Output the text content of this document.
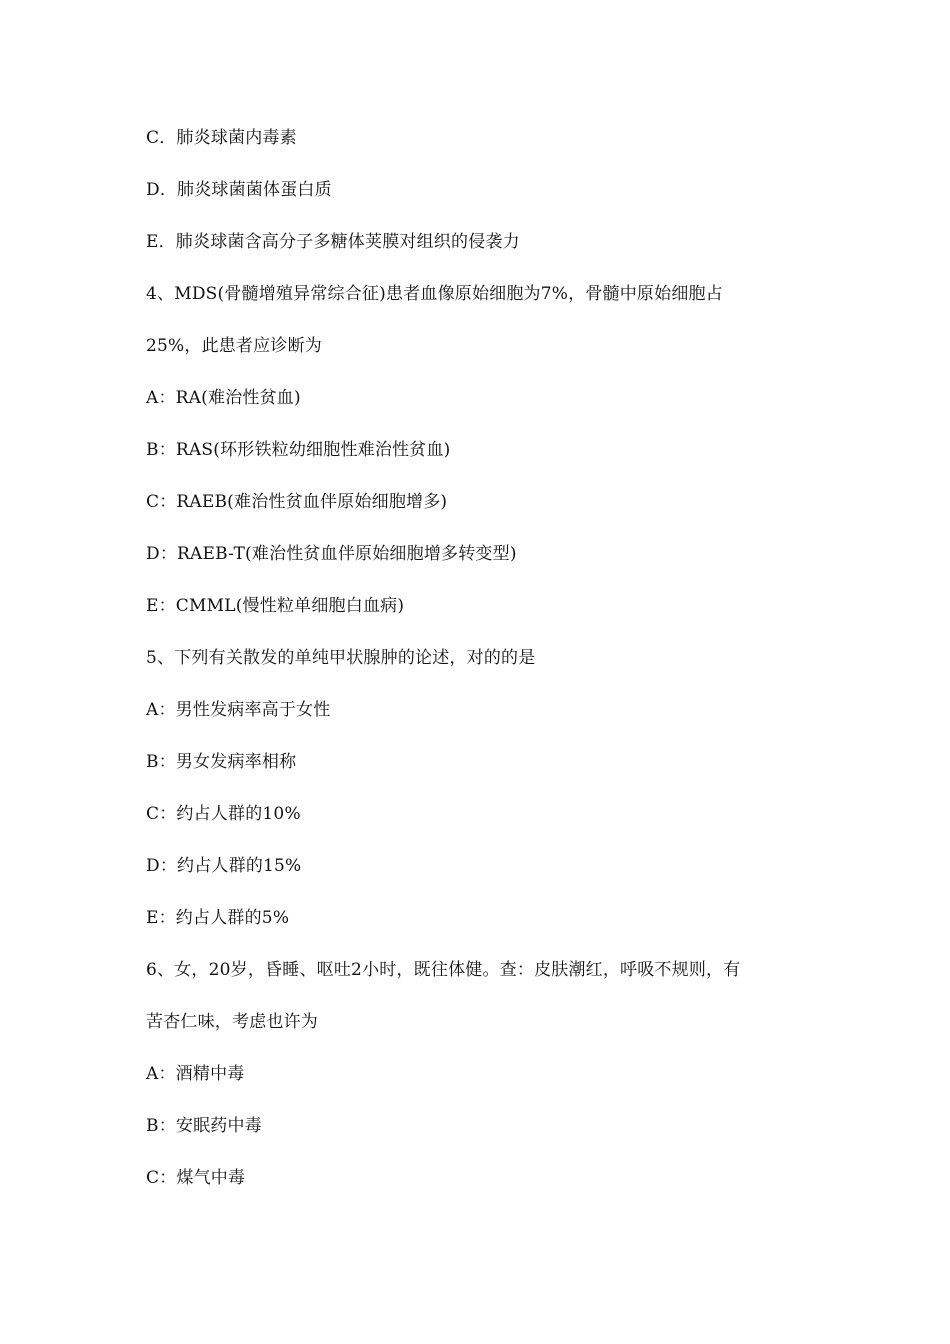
C．肺炎球菌内毒素
D．肺炎球菌菌体蛋白质
E．肺炎球菌含高分子多糖体荚膜对组织的侵袭力
4、MDS(骨髓增殖异常综合征)患者血像原始细胞为7%，骨髓中原始细胞占
25%，此患者应诊断为
A：RA(难治性贫血)
B：RAS(环形铁粒幼细胞性难治性贫血)
C：RAEB(难治性贫血伴原始细胞增多)
D：RAEB-T(难治性贫血伴原始细胞增多转变型)
E：CMML(慢性粒单细胞白血病)
5、下列有关散发的单纯甲状腺肿的论述，对的的是
A：男性发病率高于女性
B：男女发病率相称
C：约占人群的10%
D：约占人群的15%
E：约占人群的5%
6、女，20岁，昏睡、呕吐2小时，既往体健。查：皮肤潮红，呼吸不规则，有
苦杏仁味，考虑也许为
A：酒精中毒
B：安眠药中毒
C：煤气中毒
